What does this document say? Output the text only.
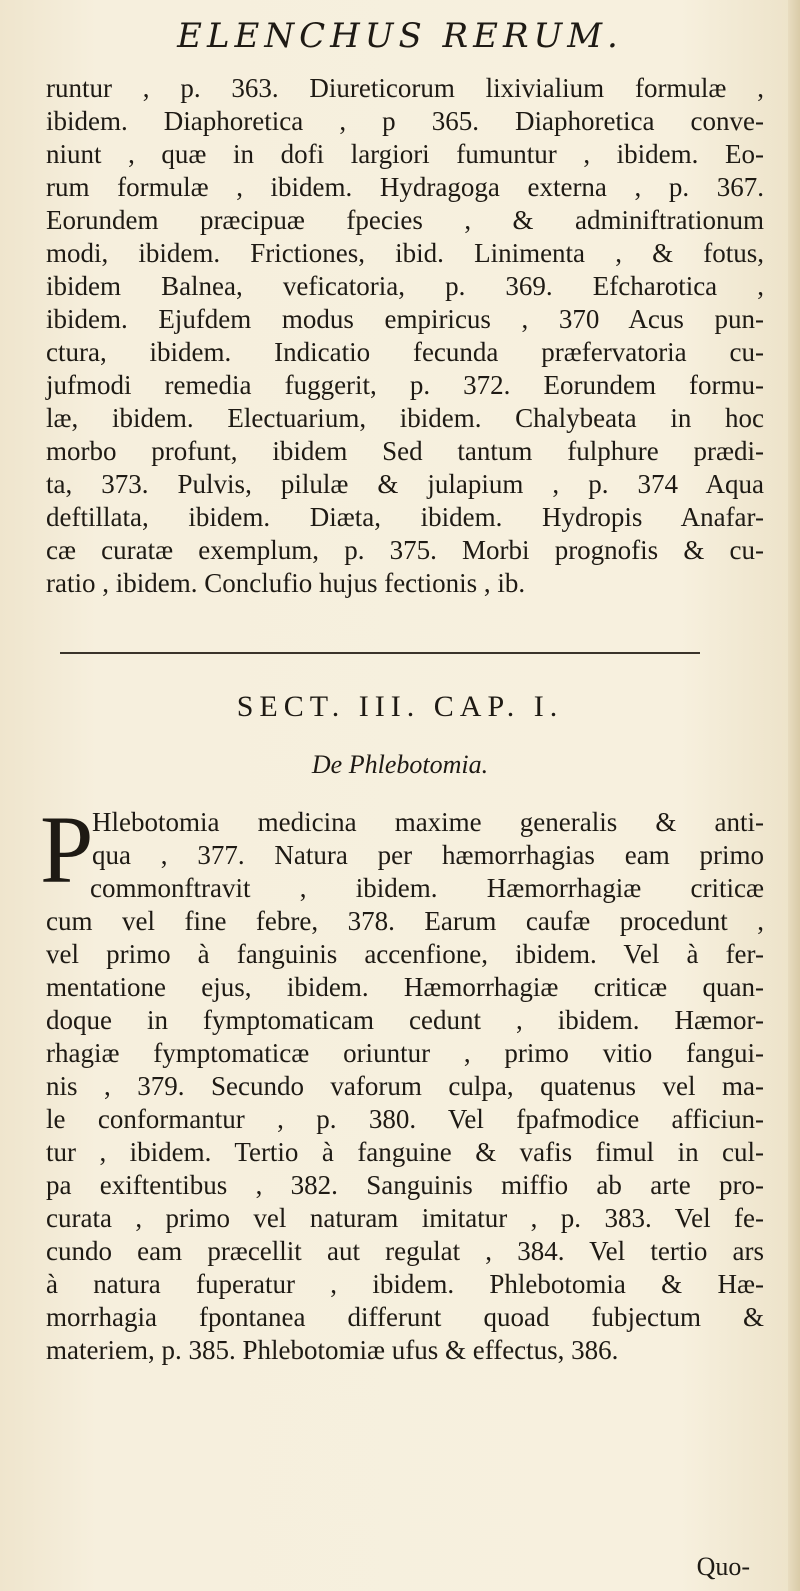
ELENCHUS RERUM.
runtur , p. 363. Diureticorum lixivialium formulæ ,
ibidem. Diaphoretica , p 365. Diaphoretica conve-
niunt , quæ in dofi largiori fumuntur , ibidem. Eo-
rum formulæ , ibidem. Hydragoga externa , p. 367.
Eorundem præcipuæ fpecies , & adminiftrationum
modi, ibidem. Frictiones, ibid. Linimenta , & fotus,
ibidem Balnea, veficatoria, p. 369. Efcharotica ,
ibidem. Ejufdem modus empiricus , 370 Acus pun-
ctura, ibidem. Indicatio fecunda præfervatoria cu-
jufmodi remedia fuggerit, p. 372. Eorundem formu-
læ, ibidem. Electuarium, ibidem. Chalybeata in hoc
morbo profunt, ibidem Sed tantum fulphure prædi-
ta, 373. Pulvis, pilulæ & julapium , p. 374 Aqua
deftillata, ibidem. Diæta, ibidem. Hydropis Anafar-
cæ curatæ exemplum, p. 375. Morbi prognofis & cu-
ratio , ibidem. Conclufio hujus fectionis , ib.
SECT. III. CAP. I.
De Phlebotomia.
P
Hlebotomia medicina maxime generalis & anti-
qua , 377. Natura per hæmorrhagias eam primo
commonftravit , ibidem. Hæmorrhagiæ criticæ
cum vel fine febre, 378. Earum caufæ procedunt ,
vel primo à fanguinis accenfione, ibidem. Vel à fer-
mentatione ejus, ibidem. Hæmorrhagiæ criticæ quan-
doque in fymptomaticam cedunt , ibidem. Hæmor-
rhagiæ fymptomaticæ oriuntur , primo vitio fangui-
nis , 379. Secundo vaforum culpa, quatenus vel ma-
le conformantur , p. 380. Vel fpafmodice afficiun-
tur , ibidem. Tertio à fanguine & vafis fimul in cul-
pa exiftentibus , 382. Sanguinis miffio ab arte pro-
curata , primo vel naturam imitatur , p. 383. Vel fe-
cundo eam præcellit aut regulat , 384. Vel tertio ars
à natura fuperatur , ibidem. Phlebotomia & Hæ-
morrhagia fpontanea differunt quoad fubjectum &
materiem, p. 385. Phlebotomiæ ufus & effectus, 386.
Quo-
